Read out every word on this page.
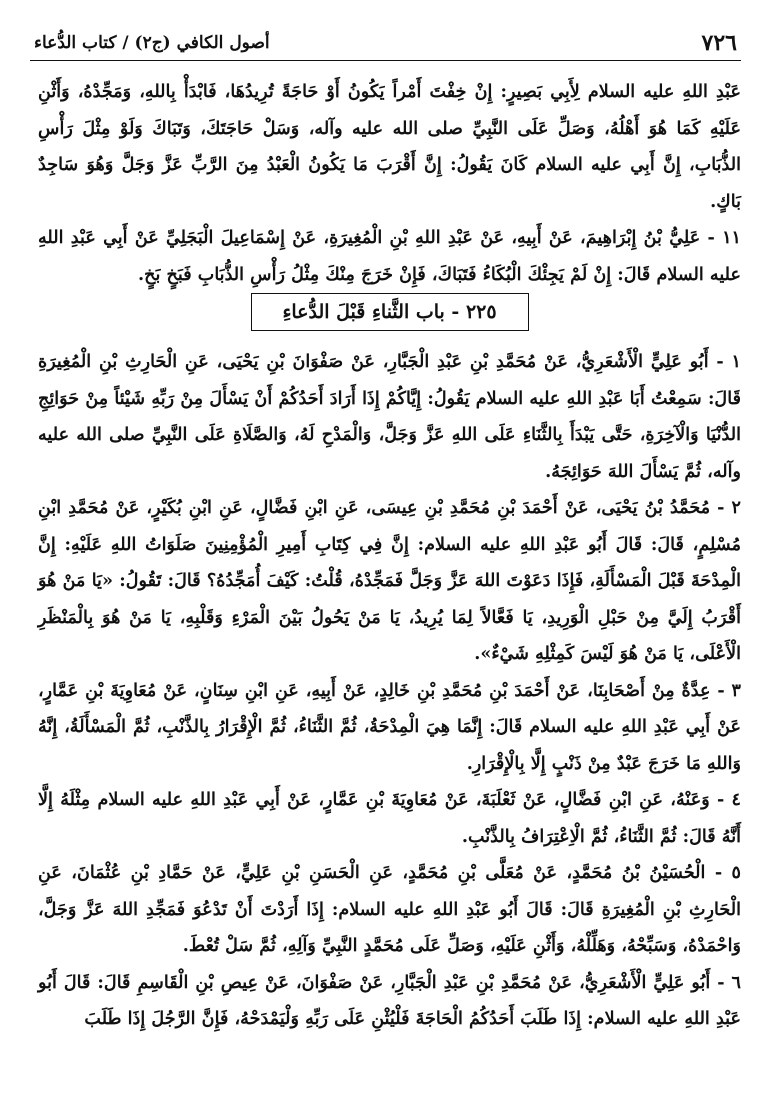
٧٢٦
أصول الكافي (ج٢) / كتاب الدُّعاء

عَبْدِ اللهِ عليه السلام لِأَبِي بَصِيرٍ: إِنْ خِفْتَ أَمْراً يَكُونُ أَوْ حَاجَةً تُرِيدُهَا، فَابْدَأْ بِاللهِ، وَمَجِّدْهُ، وَأَثْنِ عَلَيْهِ كَمَا هُوَ أَهْلُهُ، وَصَلِّ عَلَى النَّبِيِّ صلى الله عليه وآله، وَسَلْ حَاجَتَكَ، وَتَبَاكَ وَلَوْ مِثْلَ رَأْسِ الذُّبَابِ، إِنَّ أَبِي عليه السلام كَانَ يَقُولُ: إِنَّ أَقْرَبَ مَا يَكُونُ الْعَبْدُ مِنَ الرَّبِّ عَزَّ وَجَلَّ وَهُوَ سَاجِدٌ بَاكٍ.

١١ - عَلِيُّ بْنُ إِبْرَاهِيمَ، عَنْ أَبِيهِ، عَنْ عَبْدِ اللهِ بْنِ الْمُغِيرَةِ، عَنْ إِسْمَاعِيلَ الْبَجَلِيِّ عَنْ أَبِي عَبْدِ اللهِ عليه السلام قَالَ: إِنْ لَمْ يَجِئْكَ الْبُكَاءُ فَتَبَاكَ، فَإِنْ خَرَجَ مِنْكَ مِثْلُ رَأْسِ الذُّبَابِ فَبَخٍ بَخٍ.

٢٢٥ - باب الثَّناءِ قَبْلَ الدُّعاءِ

١ - أَبُو عَلِيٍّ الْأَشْعَرِيُّ، عَنْ مُحَمَّدِ بْنِ عَبْدِ الْجَبَّارِ، عَنْ صَفْوَانَ بْنِ يَحْيَى، عَنِ الْحَارِثِ بْنِ الْمُغِيرَةِ قَالَ: سَمِعْتُ أَبَا عَبْدِ اللهِ عليه السلام يَقُولُ: إِيَّاكُمْ إِذَا أَرَادَ أَحَدُكُمْ أَنْ يَسْأَلَ مِنْ رَبِّهِ شَيْئاً مِنْ حَوَائِجِ الدُّنْيَا وَالْآخِرَةِ، حَتَّى يَبْدَأَ بِالثَّنَاءِ عَلَى اللهِ عَزَّ وَجَلَّ، وَالْمَدْحِ لَهُ، وَالصَّلَاةِ عَلَى النَّبِيِّ صلى الله عليه وآله، ثُمَّ يَسْأَلَ اللهَ حَوَائِجَهُ.

٢ - مُحَمَّدُ بْنُ يَحْيَى، عَنْ أَحْمَدَ بْنِ مُحَمَّدِ بْنِ عِيسَى، عَنِ ابْنِ فَضَّالٍ، عَنِ ابْنِ بُكَيْرٍ، عَنْ مُحَمَّدِ ابْنِ مُسْلِمٍ، قَالَ: قَالَ أَبُو عَبْدِ اللهِ عليه السلام: إِنَّ فِي كِتَابِ أَمِيرِ الْمُؤْمِنِينَ صَلَوَاتُ اللهِ عَلَيْهِ: إِنَّ الْمِدْحَةَ قَبْلَ الْمَسْأَلَةِ، فَإِذَا دَعَوْتَ اللهَ عَزَّ وَجَلَّ فَمَجِّدْهُ، قُلْتُ: كَيْفَ أُمَجِّدُهُ؟ قَالَ: تَقُولُ: «يَا مَنْ هُوَ أَقْرَبُ إِلَيَّ مِنْ حَبْلِ الْوَرِيدِ، يَا فَعَّالاً لِمَا يُرِيدُ، يَا مَنْ يَحُولُ بَيْنَ الْمَرْءِ وَقَلْبِهِ، يَا مَنْ هُوَ بِالْمَنْظَرِ الْأَعْلَى، يَا مَنْ هُوَ لَيْسَ كَمِثْلِهِ شَيْءٌ».

٣ - عِدَّةٌ مِنْ أَصْحَابِنَا، عَنْ أَحْمَدَ بْنِ مُحَمَّدِ بْنِ خَالِدٍ، عَنْ أَبِيهِ، عَنِ ابْنِ سِنَانٍ، عَنْ مُعَاوِيَةَ بْنِ عَمَّارٍ، عَنْ أَبِي عَبْدِ اللهِ عليه السلام قَالَ: إِنَّمَا هِيَ الْمِدْحَةُ، ثُمَّ الثَّنَاءُ، ثُمَّ الْإِقْرَارُ بِالذَّنْبِ، ثُمَّ الْمَسْأَلَةُ، إِنَّهُ وَاللهِ مَا خَرَجَ عَبْدٌ مِنْ ذَنْبٍ إِلَّا بِالْإِقْرَارِ.

٤ - وَعَنْهُ، عَنِ ابْنِ فَضَّالٍ، عَنْ ثَعْلَبَةَ، عَنْ مُعَاوِيَةَ بْنِ عَمَّارٍ، عَنْ أَبِي عَبْدِ اللهِ عليه السلام مِثْلَهُ إِلَّا أَنَّهُ قَالَ: ثُمَّ الثَّنَاءُ، ثُمَّ الْاِعْتِرَافُ بِالذَّنْبِ.

٥ - الْحُسَيْنُ بْنُ مُحَمَّدٍ، عَنْ مُعَلَّى بْنِ مُحَمَّدٍ، عَنِ الْحَسَنِ بْنِ عَلِيٍّ، عَنْ حَمَّادِ بْنِ عُثْمَانَ، عَنِ الْحَارِثِ بْنِ الْمُغِيرَةِ قَالَ: قَالَ أَبُو عَبْدِ اللهِ عليه السلام: إِذَا أَرَدْتَ أَنْ تَدْعُوَ فَمَجِّدِ اللهَ عَزَّ وَجَلَّ، وَاحْمَدْهُ، وَسَبِّحْهُ، وَهَلِّلْهُ، وَأَثْنِ عَلَيْهِ، وَصَلِّ عَلَى مُحَمَّدٍ النَّبِيِّ وَآلِهِ، ثُمَّ سَلْ تُعْطَ.

٦ - أَبُو عَلِيٍّ الْأَشْعَرِيُّ، عَنْ مُحَمَّدِ بْنِ عَبْدِ الْجَبَّارِ، عَنْ صَفْوَانَ، عَنْ عِيصِ بْنِ الْقَاسِمِ قَالَ: قَالَ أَبُو عَبْدِ اللهِ عليه السلام: إِذَا طَلَبَ أَحَدُكُمُ الْحَاجَةَ فَلْيُثْنِ عَلَى رَبِّهِ وَلْيَمْدَحْهُ، فَإِنَّ الرَّجُلَ إِذَا طَلَبَ
